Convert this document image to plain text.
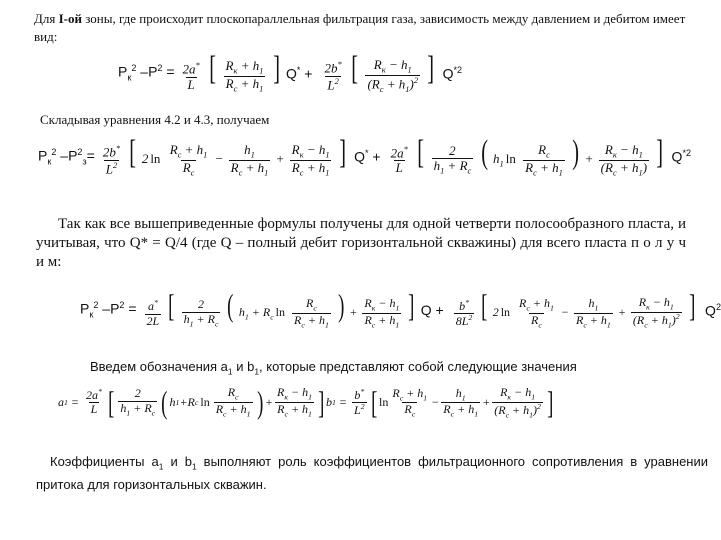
Для I-ой зоны, где происходит плоскопараллельная фильтрация газа, зависимость между давлением и дебитом имеет вид:
$P_к^2$ $-P^2 = \frac{2a^*}{L}$ [ $\frac{R_к + h_1}{R_c + h_1}$ ] $Q^* + \frac{2b^*}{L^2}$ [ $\frac{R_к - h_1}{(R_c + h_1)^2}$ ] $Q^{*2}$
Складывая уравнения 4.2 и 4.3, получаем
$P_к^2$ $-P^2_з= \frac{2b^*}{L^2}$ [ 2 $\ln \frac{R_c + h_1}{R_c} - \frac{h_1}{R_c + h_1} + \frac{R_к - h_1}{R_c + h_1}$ ] $Q^* + \frac{2a^*}{L}$ [ $\frac{2}{h_1 + R_c}$ ( $h_1$ $\ln \frac{R_c}{R_c + h_1}$ ) + $\frac{R_к - h_1}{(R_c + h_1)}$ ] $Q^{*2}$
Так как все вышеприведенные формулы получены для одной четверти полосообразного пласта, и учитывая, что Q* = Q/4 (где Q – полный дебит горизонтальной скважины) для всего пласта п о л у ч и м:
$P_к^2$ $-P^2 = \frac{a^*}{2L}$ [ $\frac{2}{h_1 + R_c}$ ( $h_1 + R_c$ $\ln \frac{R_c}{R_c + h_1}$ ) + $\frac{R_к - h_1}{R_c + h_1}$ ] $Q + \frac{b^*}{8L^2}$ [ 2 $\ln \frac{R_c + h_1}{R_c} - \frac{h_1}{R_c + h_1} + \frac{R_к - h_1}{(R_c + h_1)^2}$ ] $Q^2$
Введем обозначения $a_1$ и $b_1$, которые представляют собой следующие значения
a $1 = \frac{2a^*}{L}$ [ $\frac{2}{h_1 + R_c}$ ( h 1 + R c $\ln \frac{R_c}{R_c + h_1}$ ) + $\frac{R_к - h_1}{R_c + h_1}$ ] b $1 = \frac{b^*}{L^2}$ [ $\ln \frac{R_c + h_1}{R_c} - \frac{h_1}{R_c + h_1} + \frac{R_к - h_1}{(R_c + h_1)^2}$ ]
Коэффициенты $a_1$ и $b_1$ выполняют роль коэффициентов фильтрационного сопротивления в уравнении притока для горизонтальных скважин.
